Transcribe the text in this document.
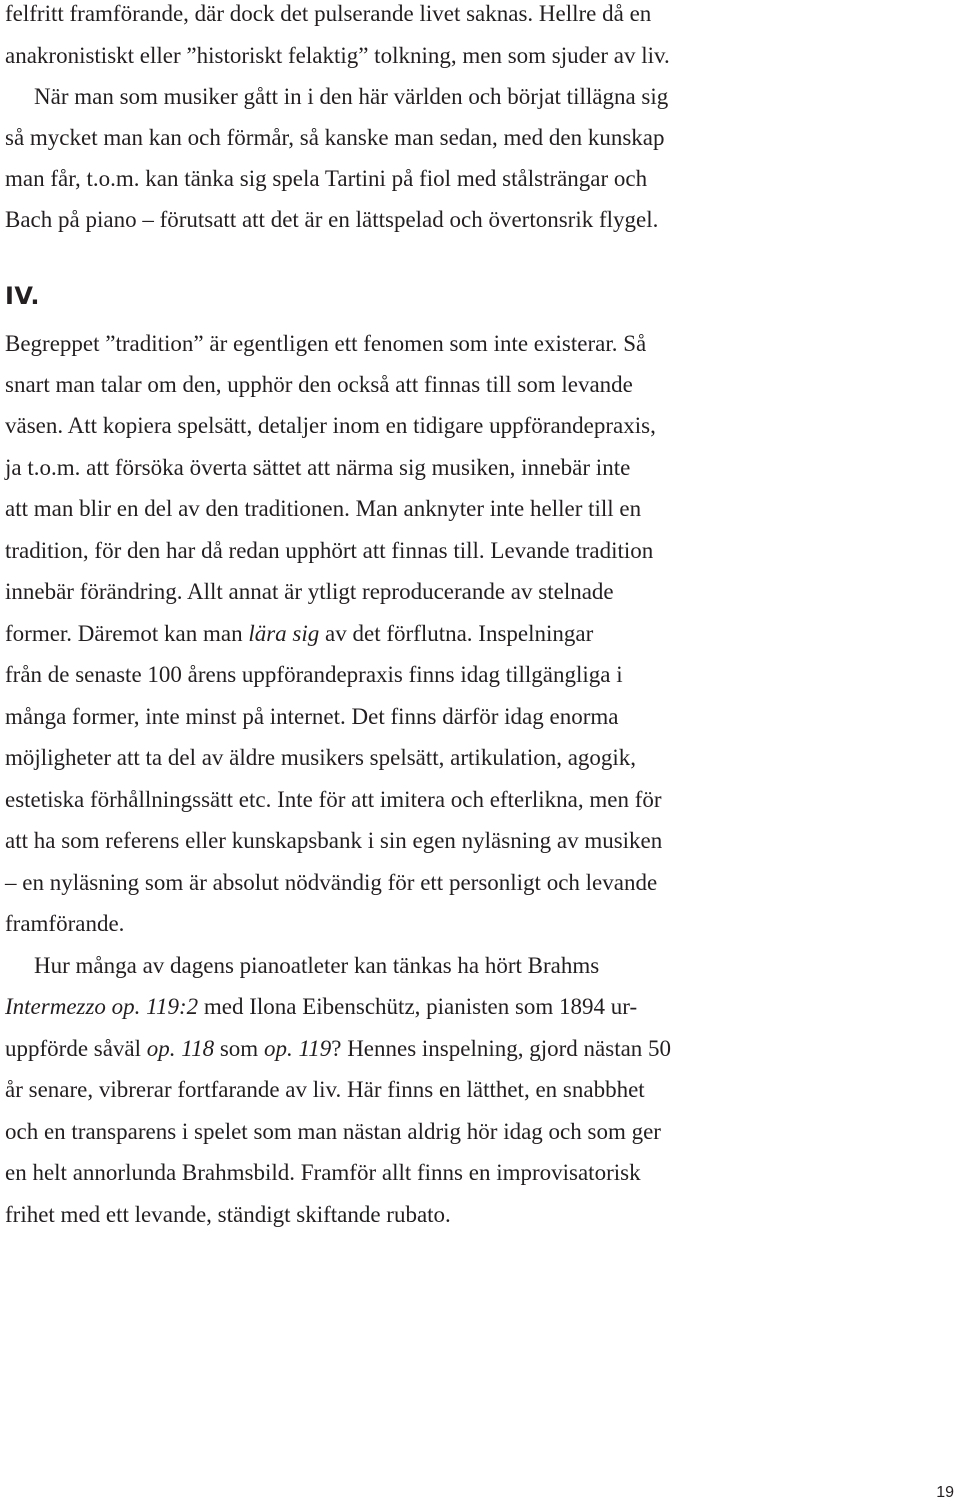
felfritt framförande, där dock det pulserande livet saknas. Hellre då en
anakronistiskt eller ”historiskt felaktig” tolkning, men som sjuder av liv.
När man som musiker gått in i den här världen och börjat tillägna sig
så mycket man kan och förmår, så kanske man sedan, med den kunskap
man får, t.o.m. kan tänka sig spela Tartini på fiol med stålsträngar och
Bach på piano – förutsatt att det är en lättspelad och övertonsrik flygel.
IV.
Begreppet ”tradition” är egentligen ett fenomen som inte existerar. Så
snart man talar om den, upphör den också att finnas till som levande
väsen. Att kopiera spelsätt, detaljer inom en tidigare uppförandepraxis,
ja t.o.m. att försöka överta sättet att närma sig musiken, innebär inte
att man blir en del av den traditionen. Man anknyter inte heller till en
tradition, för den har då redan upphört att finnas till. Levande tradition
innebär förändring. Allt annat är ytligt reproducerande av stelnade
former. Däremot kan man lära sig av det förflutna. Inspelningar
från de senaste 100 årens uppförandepraxis finns idag tillgängliga i
många former, inte minst på internet. Det finns därför idag enorma
möjligheter att ta del av äldre musikers spelsätt, artikulation, agogik,
estetiska förhållningssätt etc. Inte för att imitera och efterlikna, men för
att ha som referens eller kunskapsbank i sin egen nyläsning av musiken
– en nyläsning som är absolut nödvändig för ett personligt och levande
framförande.
Hur många av dagens pianoatleter kan tänkas ha hört Brahms
Intermezzo op. 119:2 med Ilona Eibenschütz, pianisten som 1894 ur-
uppförde såväl op. 118 som op. 119? Hennes inspelning, gjord nästan 50
år senare, vibrerar fortfarande av liv. Här finns en lätthet, en snabbhet
och en transparens i spelet som man nästan aldrig hör idag och som ger
en helt annorlunda Brahmsbild. Framför allt finns en improvisatorisk
frihet med ett levande, ständigt skiftande rubato.
19
